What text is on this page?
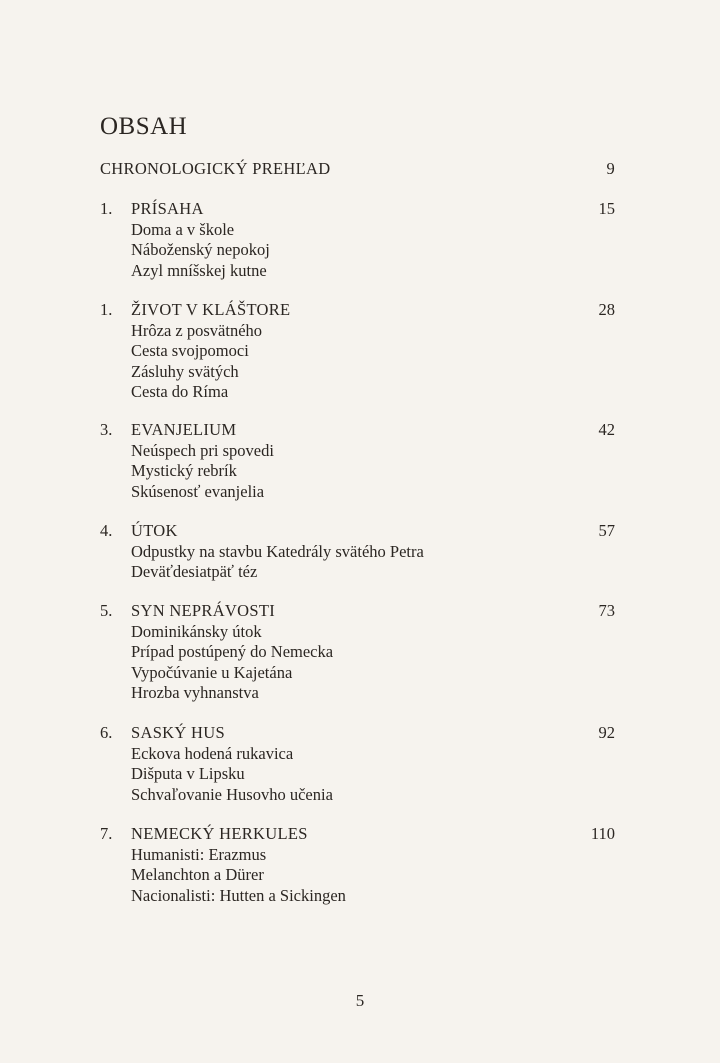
OBSAH
CHRONOLOGICKÝ PREHĽAD	9
1.	PRÍSAHA	15
Doma a v škole
Náboženský nepokoj
Azyl mníšskej kutne
1.	ŽIVOT V KLÁŠTORE	28
Hrôza z posvätného
Cesta svojpomoci
Zásluhy svätých
Cesta do Ríma
3.	EVANJELIUM	42
Neúspech pri spovedi
Mystický rebrík
Skúsenosť evanjelia
4.	ÚTOK	57
Odpustky na stavbu Katedrály svätého Petra
Deväťdesiatpäť téz
5.	SYN NEPRÁVOSTI	73
Dominikánsky útok
Prípad postúpený do Nemecka
Vypočúvanie u Kajetána
Hrozba vyhnanstva
6.	SASKÝ HUS	92
Eckova hodená rukavica
Dišputa v Lipsku
Schvaľovanie Husovho učenia
7.	NEMECKÝ HERKULES	110
Humanisti: Erazmus
Melanchton a Dürer
Nacionalisti: Hutten a Sickingen
5
